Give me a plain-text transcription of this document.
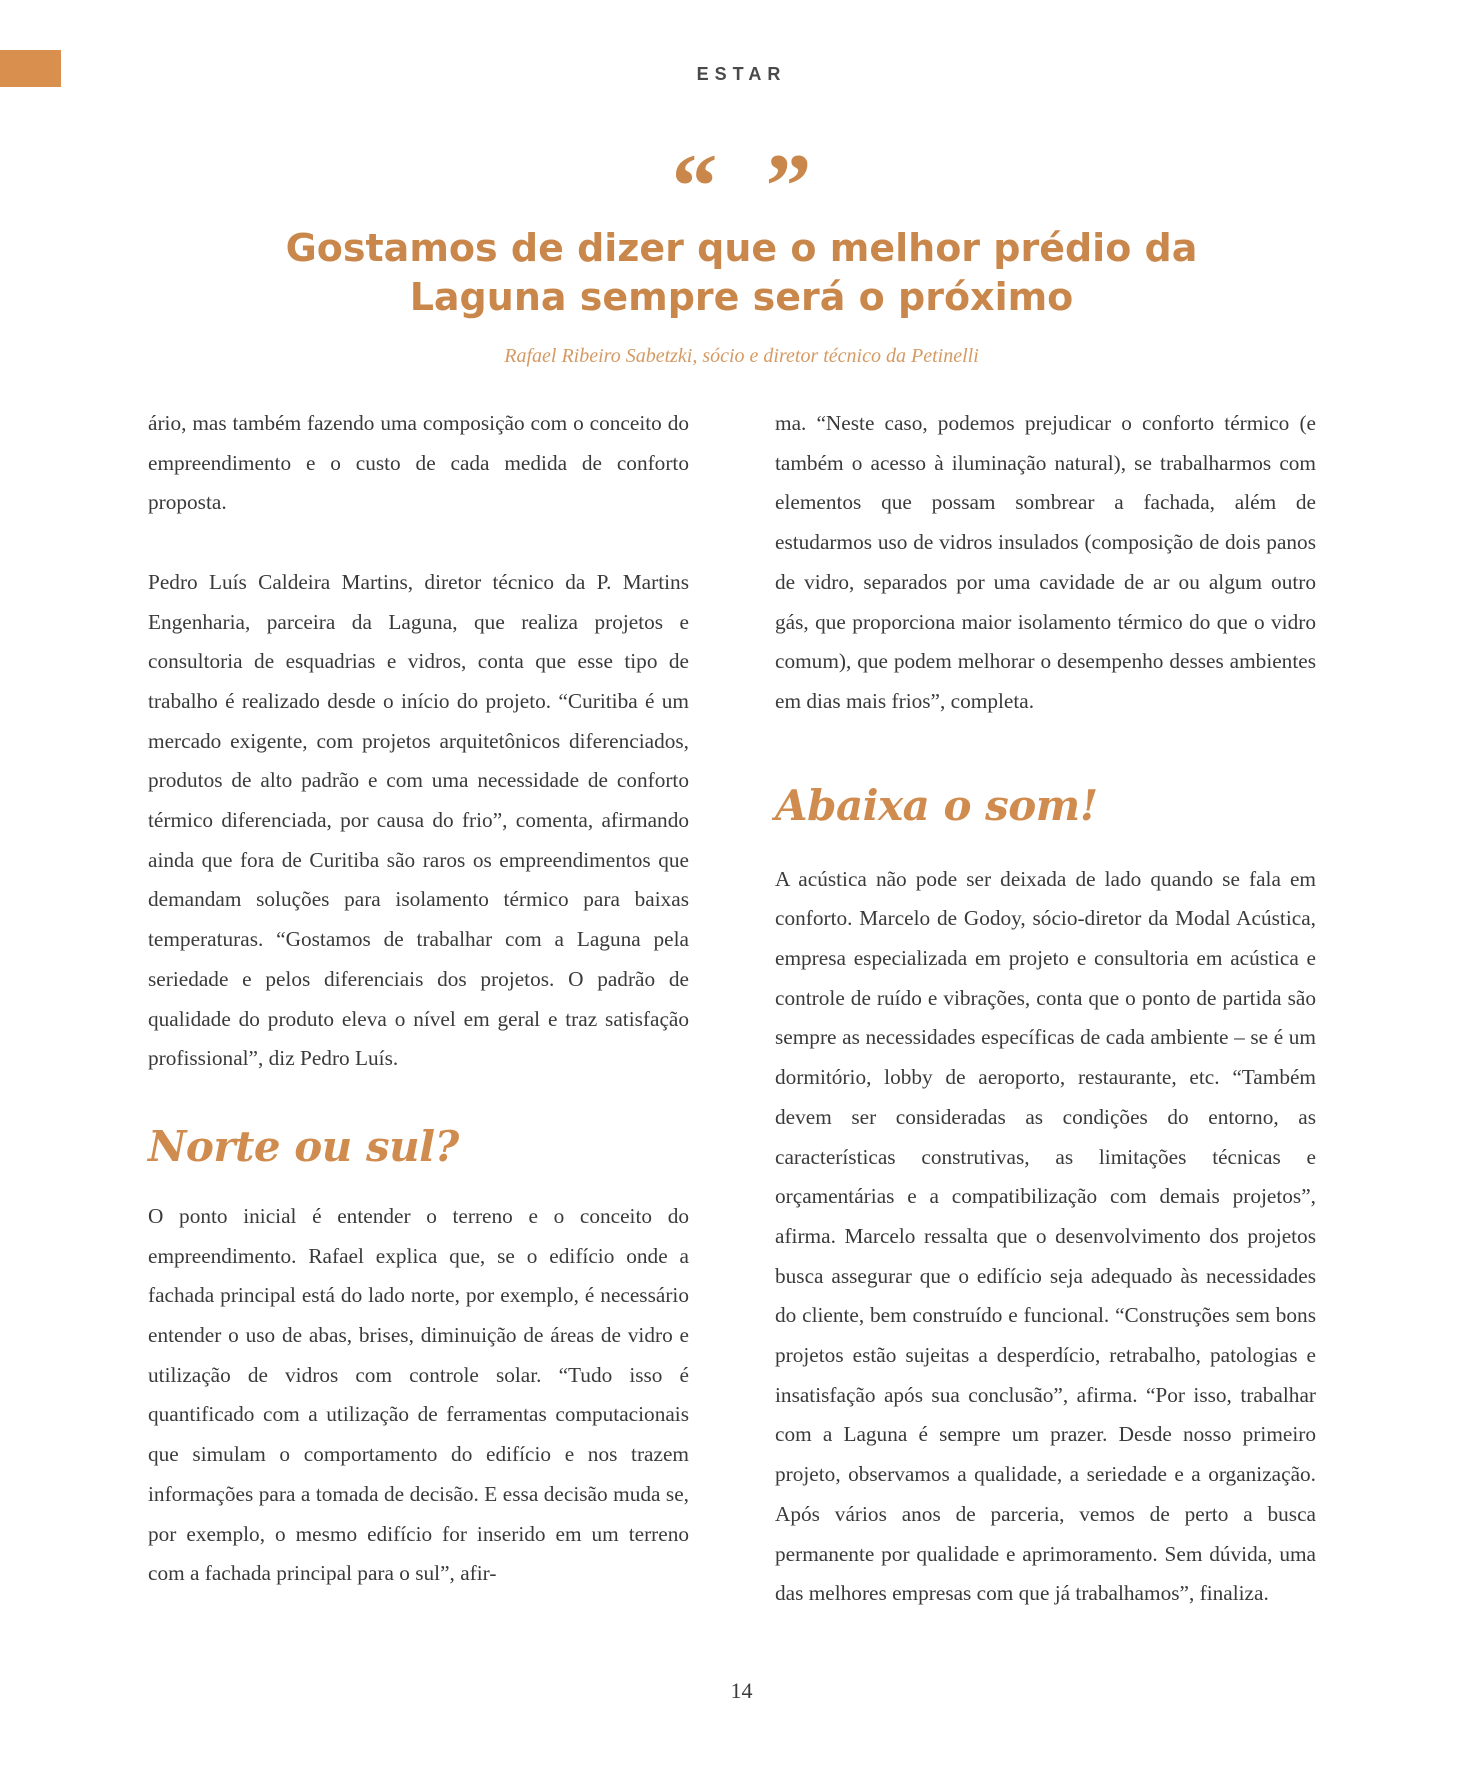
ESTAR
“ ”
Gostamos de dizer que o melhor prédio da
Laguna sempre será o próximo
Rafael Ribeiro Sabetzki, sócio e diretor técnico da Petinelli

ário, mas também fazendo uma composição com o conceito do empreendimento e o custo de cada medida de conforto proposta.

Pedro Luís Caldeira Martins, diretor técnico da P. Martins Engenharia, parceira da Laguna, que realiza projetos e consultoria de esquadrias e vidros, conta que esse tipo de trabalho é realizado desde o início do projeto. “Curitiba é um mercado exigente, com projetos arquitetônicos diferenciados, produtos de alto padrão e com uma necessidade de conforto térmico diferenciada, por causa do frio”, comenta, afirmando ainda que fora de Curitiba são raros os empreendimentos que demandam soluções para isolamento térmico para baixas temperaturas. “Gostamos de trabalhar com a Laguna pela seriedade e pelos diferenciais dos projetos. O padrão de qualidade do produto eleva o nível em geral e traz satisfação profissional”, diz Pedro Luís.

Norte ou sul?

O ponto inicial é entender o terreno e o conceito do empreendimento. Rafael explica que, se o edifício onde a fachada principal está do lado norte, por exemplo, é necessário entender o uso de abas, brises, diminuição de áreas de vidro e utilização de vidros com controle solar. “Tudo isso é quantificado com a utilização de ferramentas computacionais que simulam o comportamento do edifício e nos trazem informações para a tomada de decisão. E essa decisão muda se, por exemplo, o mesmo edifício for inserido em um terreno com a fachada principal para o sul”, afir-

ma. “Neste caso, podemos prejudicar o conforto térmico (e também o acesso à iluminação natural), se trabalharmos com elementos que possam sombrear a fachada, além de estudarmos uso de vidros insulados (composição de dois panos de vidro, separados por uma cavidade de ar ou algum outro gás, que proporciona maior isolamento térmico do que o vidro comum), que podem melhorar o desempenho desses ambientes em dias mais frios”, completa.

Abaixa o som!

A acústica não pode ser deixada de lado quando se fala em conforto. Marcelo de Godoy, sócio-diretor da Modal Acústica, empresa especializada em projeto e consultoria em acústica e controle de ruído e vibrações, conta que o ponto de partida são sempre as necessidades específicas de cada ambiente – se é um dormitório, lobby de aeroporto, restaurante, etc. “Também devem ser consideradas as condições do entorno, as características construtivas, as limitações técnicas e orçamentárias e a compatibilização com demais projetos”, afirma. Marcelo ressalta que o desenvolvimento dos projetos busca assegurar que o edifício seja adequado às necessidades do cliente, bem construído e funcional. “Construções sem bons projetos estão sujeitas a desperdício, retrabalho, patologias e insatisfação após sua conclusão”, afirma. “Por isso, trabalhar com a Laguna é sempre um prazer. Desde nosso primeiro projeto, observamos a qualidade, a seriedade e a organização. Após vários anos de parceria, vemos de perto a busca permanente por qualidade e aprimoramento. Sem dúvida, uma das melhores empresas com que já trabalhamos”, finaliza.

14
